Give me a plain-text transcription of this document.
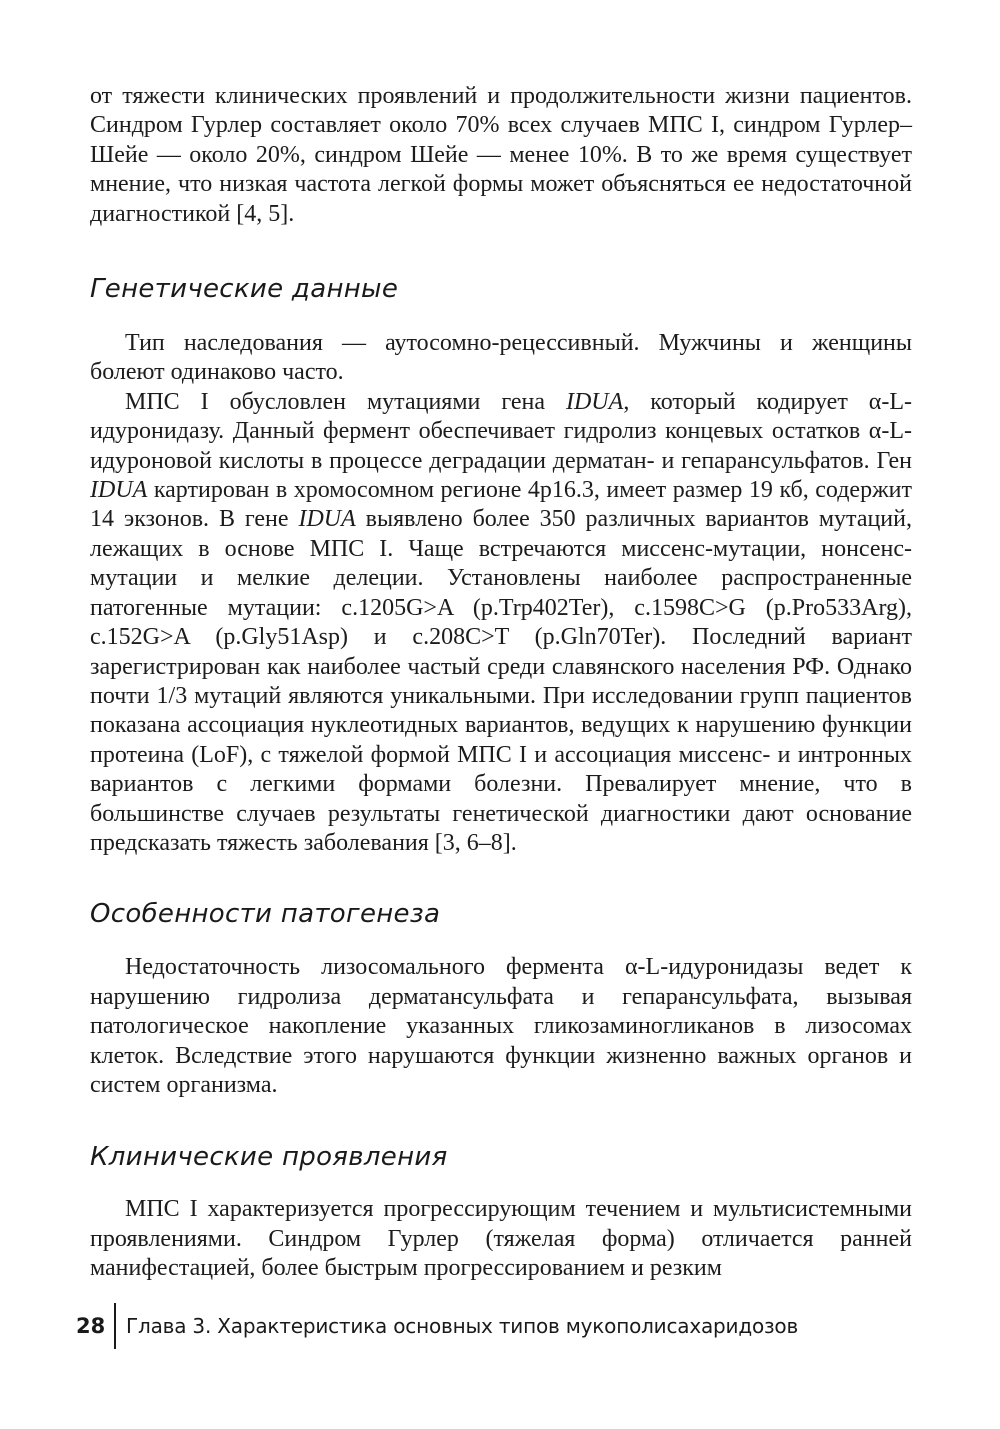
от тяжести клинических проявлений и продолжительности жизни пациентов. Синдром Гурлер составляет около 70% всех случаев МПС I, синдром Гурлер–Шейе — около 20%, синдром Шейе — менее 10%. В то же время существует мнение, что низкая частота легкой формы может объясняться ее недостаточной диагностикой [4, 5].

Генетические данные

Тип наследования — аутосомно-рецессивный. Мужчины и женщины болеют одинаково часто.

МПС I обусловлен мутациями гена IDUA, который кодирует α-L-идуронидазу. Данный фермент обеспечивает гидролиз концевых остатков α-L-идуроновой кислоты в процессе деградации дерматан- и гепарансульфатов. Ген IDUA картирован в хромосомном регионе 4p16.3, имеет размер 19 кб, содержит 14 экзонов. В гене IDUA выявлено более 350 различных вариантов мутаций, лежащих в основе МПС I. Чаще встречаются миссенс-мутации, нонсенс-мутации и мелкие делеции. Установлены наиболее распространенные патогенные мутации: c.1205G>A (p.Trp402Ter), c.1598C>G (p.Pro533Arg), c.152G>A (p.Gly51Asp) и c.208C>T (p.Gln70Ter). Последний вариант зарегистрирован как наиболее частый среди славянского населения РФ. Однако почти 1/3 мутаций являются уникальными. При исследовании групп пациентов показана ассоциация нуклеотидных вариантов, ведущих к нарушению функции протеина (LoF), с тяжелой формой МПС I и ассоциация миссенс- и интронных вариантов с легкими формами болезни. Превалирует мнение, что в большинстве случаев результаты генетической диагностики дают основание предсказать тяжесть заболевания [3, 6–8].

Особенности патогенеза

Недостаточность лизосомального фермента α-L-идуронидазы ведет к нарушению гидролиза дерматансульфата и гепарансульфата, вызывая патологическое накопление указанных гликозаминогликанов в лизосомах клеток. Вследствие этого нарушаются функции жизненно важных органов и систем организма.

Клинические проявления

МПС I характеризуется прогрессирующим течением и мультисистемными проявлениями. Синдром Гурлер (тяжелая форма) отличается ранней манифестацией, более быстрым прогрессированием и резким

28 Глава 3. Характеристика основных типов мукополисахаридозов
